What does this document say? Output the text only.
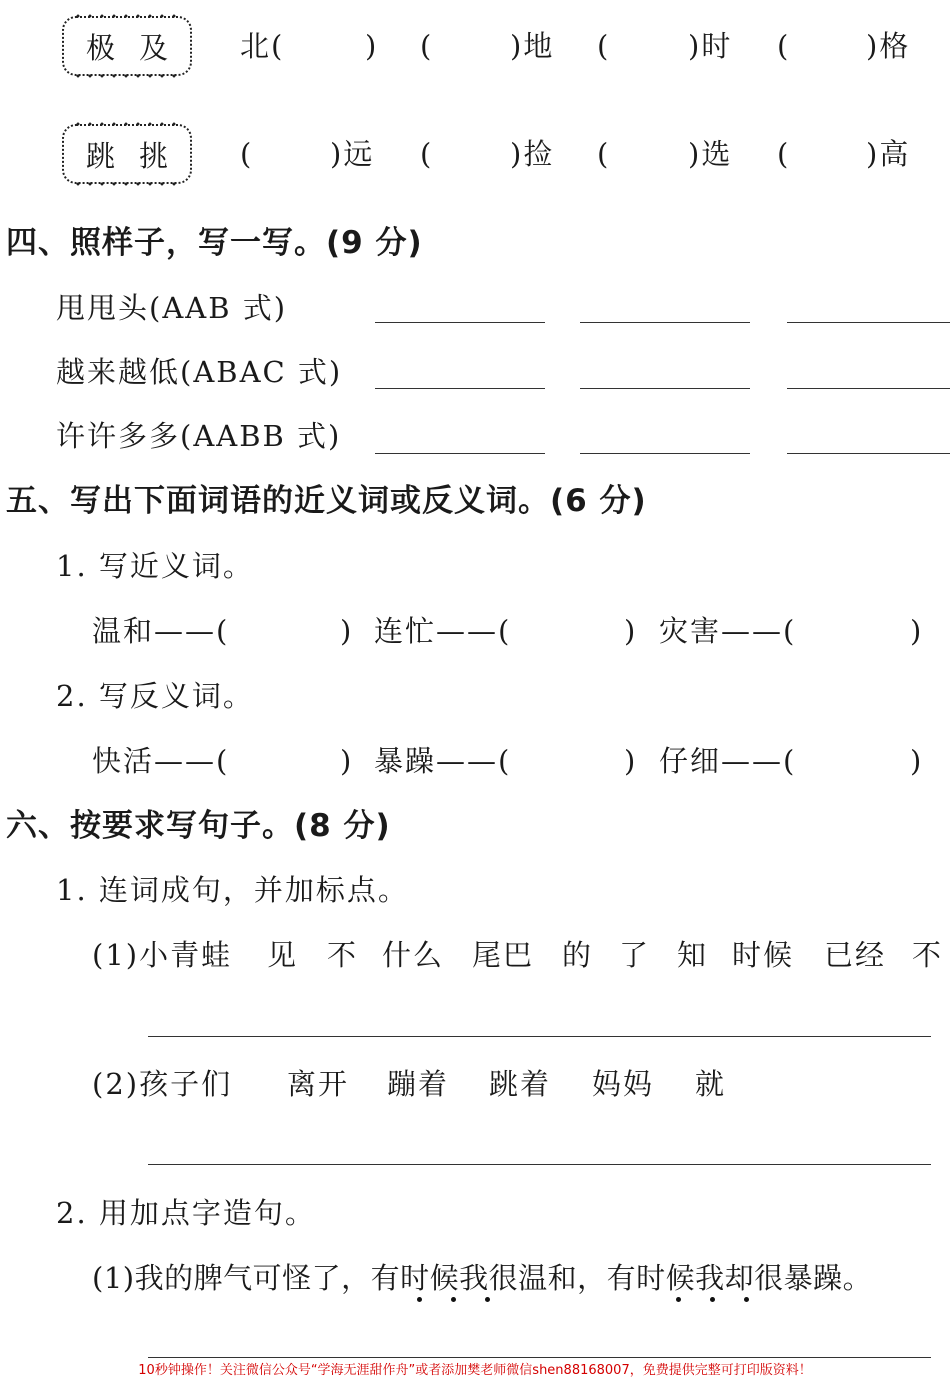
极 及 北(	) (	)地 (	)时 (	)格
跳 挑 (	)远 (	)捡 (	)选 (	)高
四、照样子，写一写。(9 分)
甩甩头(AAB 式)
越来越低(ABAC 式)
许许多多(AABB 式)
五、写出下面词语的近义词或反义词。(6 分)
1. 写近义词。
温和——(	) 连忙——(	) 灾害——(	)
2. 写反义词。
快活——(	) 暴躁——(	) 仔细——(	)
六、按要求写句子。(8 分)
1. 连词成句，并加标点。
(1)小青蛙 见 不 什么 尾巴 的 了 知 时候 已经 不
(2)孩子们 离开 蹦着 跳着 妈妈 就
2. 用加点字造句。
(1)我的脾气可怪了，有时候我很温和，有时候我却很暴躁。
10秒钟操作！关注微信公众号“学海无涯甜作舟”或者添加樊老师微信shen88168007，免费提供完整可打印版资料！
